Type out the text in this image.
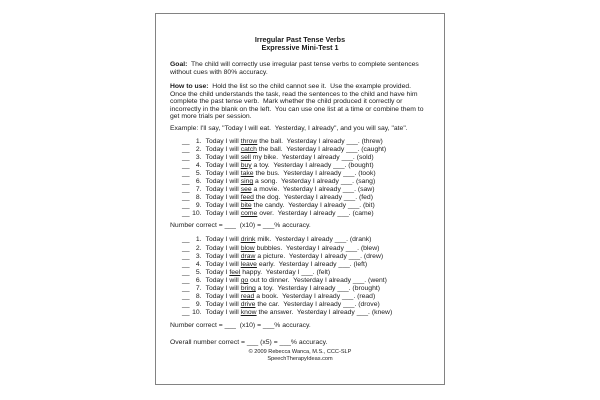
Irregular Past Tense Verbs
Expressive Mini-Test 1

Goal: The child will correctly use irregular past tense verbs to complete sentences without cues with 80% accuracy.

How to use: Hold the list so the child cannot see it.  Use the example provided.  Once the child understands the task, read the sentences to the child and have him complete the past tense verb.  Mark whether the child produced it correctly or incorrectly in the blank on the left.  You can use one list at a time or combine them to get more trials per session.

Example: I'll say, "Today I will eat.  Yesterday, I already", and you will say, "ate".

__ 1. Today I will throw the ball.  Yesterday I already ___. (threw)
__ 2. Today I will catch the ball.  Yesterday I already ___. (caught)
__ 3. Today I will sell my bike.  Yesterday I already ___. (sold)
__ 4. Today I will buy a toy.  Yesterday I already ___. (bought)
__ 5. Today I will take the bus.  Yesterday I already ___. (took)
__ 6. Today I will sing a song.  Yesterday I already ___. (sang)
__ 7. Today I will see a movie.  Yesterday I already ___. (saw)
__ 8. Today I will feed the dog.  Yesterday I already ___. (fed)
__ 9. Today I will bite the candy.  Yesterday I already ___. (bit)
__ 10. Today I will come over.  Yesterday I already ___. (came)

Number correct = ___  (x10) = ___% accuracy.

__ 1. Today I will drink milk.  Yesterday I already ___. (drank)
__ 2. Today I will blow bubbles.  Yesterday I already ___. (blew)
__ 3. Today I will draw a picture.  Yesterday I already ___. (drew)
__ 4. Today I will leave early.  Yesterday I already ___. (left)
__ 5. Today I feel happy.  Yesterday I ___. (felt)
__ 6. Today I will go out to dinner.  Yesterday I already ___. (went)
__ 7. Today I will bring a toy.  Yesterday I already ___. (brought)
__ 8. Today I will read a book.  Yesterday I already ___. (read)
__ 9. Today I will drive the car.  Yesterday I already ___. (drove)
__ 10. Today I will know the answer.  Yesterday I already ___. (knew)

Number correct = ___  (x10) = ___% accuracy.

Overall number correct = ___ (x5) = ___% accuracy.

© 2009 Rebecca Wanca, M.S., CCC-SLP
SpeechTherapyIdeas.com
